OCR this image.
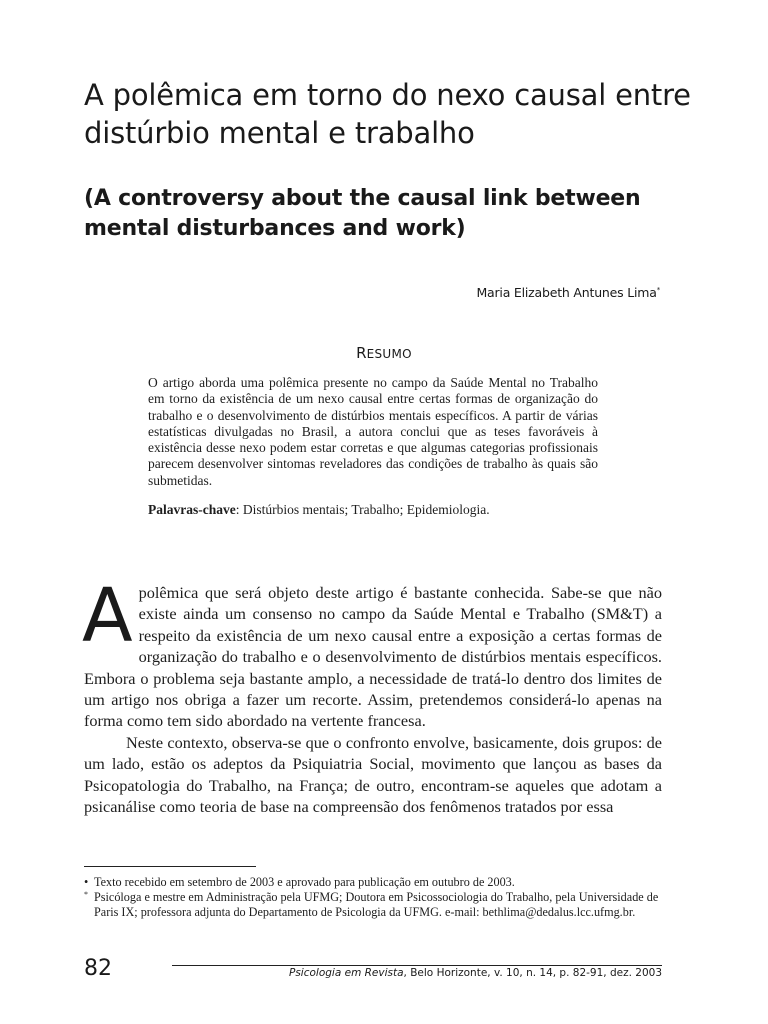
A polêmica em torno do nexo causal entre distúrbio mental e trabalho
(A controversy about the causal link between mental disturbances and work)
Maria Elizabeth Antunes Lima*
RESUMO

O artigo aborda uma polêmica presente no campo da Saúde Mental no Trabalho em torno da existência de um nexo causal entre certas formas de organização do trabalho e o desenvolvimento de distúrbios mentais específicos. A partir de várias estatísticas divulgadas no Brasil, a autora conclui que as teses favoráveis à existência desse nexo podem estar corretas e que algumas categorias profissionais parecem desenvolver sintomas reveladores das condições de trabalho às quais são submetidas.

Palavras-chave: Distúrbios mentais; Trabalho; Epidemiologia.

Apolêmica que será objeto deste artigo é bastante conhecida. Sabe-se que não existe ainda um consenso no campo da Saúde Mental e Trabalho (SM&T) a respeito da existência de um nexo causal entre a exposição a certas formas de organização do trabalho e o desenvolvimento de distúrbios mentais específicos. Embora o problema seja bastante amplo, a necessidade de tratá-lo dentro dos limites de um artigo nos obriga a fazer um recorte. Assim, pretendemos considerá-lo apenas na forma como tem sido abordado na vertente francesa.

Neste contexto, observa-se que o confronto envolve, basicamente, dois grupos: de um lado, estão os adeptos da Psiquiatria Social, movimento que lançou as bases da Psicopatologia do Trabalho, na França; de outro, encontram-se aqueles que adotam a psicanálise como teoria de base na compreensão dos fenômenos tratados por essa

• Texto recebido em setembro de 2003 e aprovado para publicação em outubro de 2003.

* Psicóloga e mestre em Administração pela UFMG; Doutora em Psicossociologia do Trabalho, pela Universidade de Paris IX; professora adjunta do Departamento de Psicologia da UFMG. e-mail: bethlima@dedalus.lcc.ufmg.br.

82	Psicologia em Revista, Belo Horizonte, v. 10, n. 14, p. 82-91, dez. 2003
